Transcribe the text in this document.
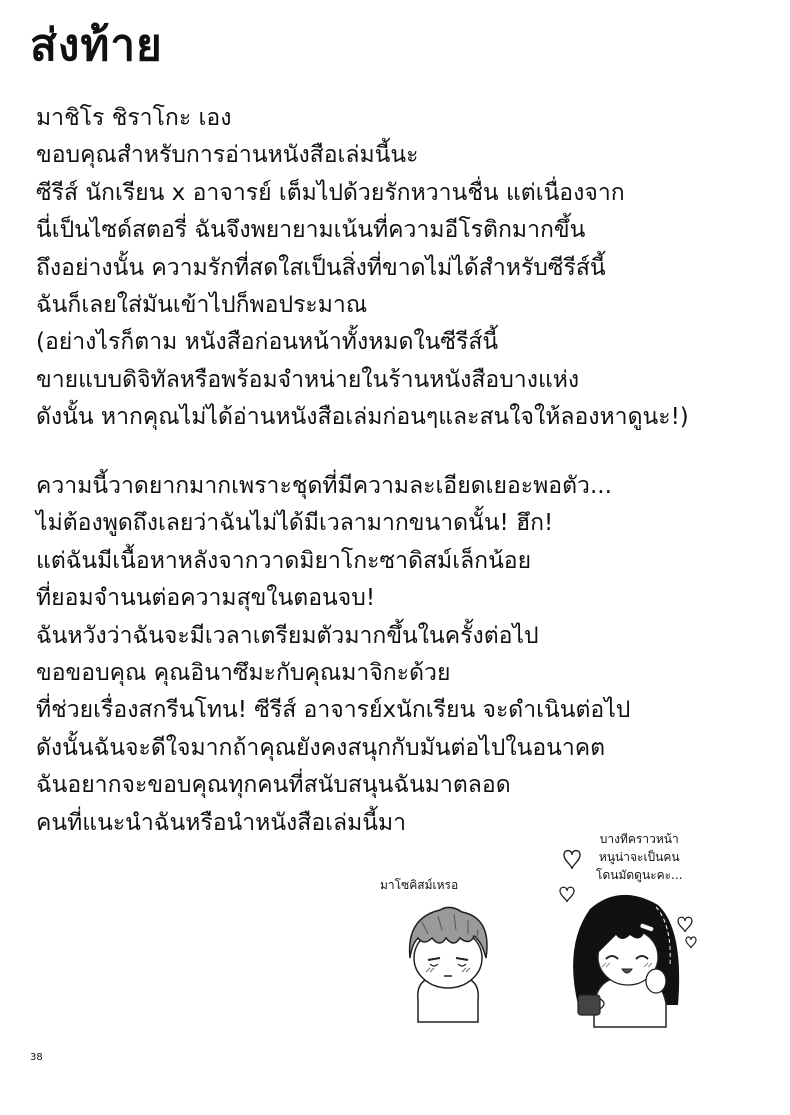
ส่งท้าย
มาชิโร ชิราโกะ เอง
ขอบคุณสำหรับการอ่านหนังสือเล่มนี้นะ
ซีรีส์ นักเรียน x อาจารย์ เต็มไปด้วยรักหวานชื่น แต่เนื่องจาก
นี่เป็นไซด์สตอรี่ ฉันจึงพยายามเน้นที่ความอีโรติกมากขึ้น
ถึงอย่างนั้น ความรักที่สดใสเป็นสิ่งที่ขาดไม่ได้สำหรับซีรีส์นี้
ฉันก็เลยใส่มันเข้าไปก็พอประมาณ
(อย่างไรก็ตาม หนังสือก่อนหน้าทั้งหมดในซีรีส์นี้
ขายแบบดิจิทัลหรือพร้อมจำหน่ายในร้านหนังสือบางแห่ง
ดังนั้น หากคุณไม่ได้อ่านหนังสือเล่มก่อนๆและสนใจให้ลองหาดูนะ!)
ความนี้วาดยากมากเพราะชุดที่มีความละเอียดเยอะพอตัว...
ไม่ต้องพูดถึงเลยว่าฉันไม่ได้มีเวลามากขนาดนั้น! ฮึก!
แต่ฉันมีเนื้อหาหลังจากวาดมิยาโกะซาดิสม์เล็กน้อย
ที่ยอมจำนนต่อความสุขในตอนจบ!
ฉันหวังว่าฉันจะมีเวลาเตรียมตัวมากขึ้นในครั้งต่อไป
ขอขอบคุณ คุณอินาซึมะกับคุณมาจิกะด้วย
ที่ช่วยเรื่องสกรีนโทน! ซีรีส์ อาจารย์xนักเรียน จะดำเนินต่อไป
ดังนั้นฉันจะดีใจมากถ้าคุณยังคงสนุกกับมันต่อไปในอนาคต
ฉันอยากจะขอบคุณทุกคนที่สนับสนุนฉันมาตลอด
คนที่แนะนำฉันหรือนำหนังสือเล่มนี้มา
มาโซคิสม์เหรอ
บางทีคราวหน้า
หนูน่าจะเป็นคน
โดนมัดดูนะคะ...
38
